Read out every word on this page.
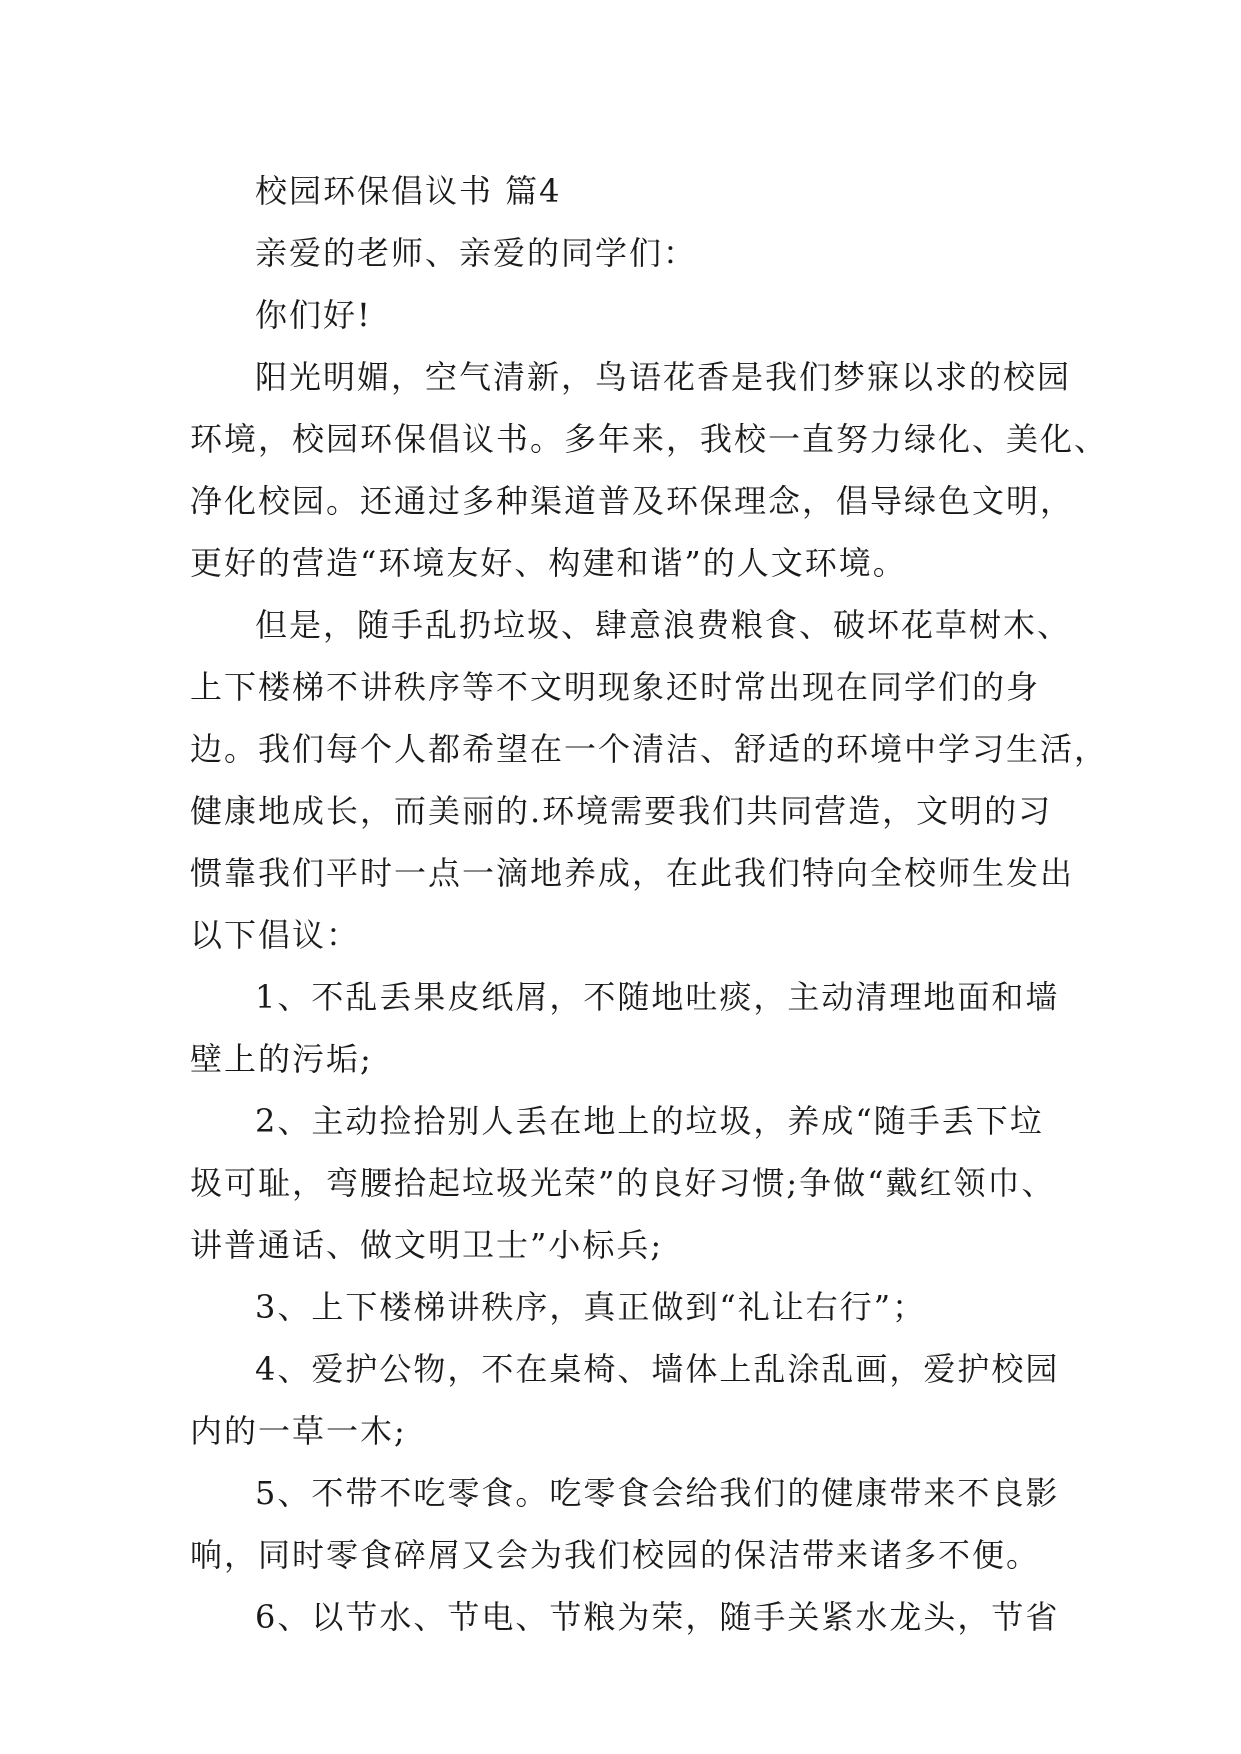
校园环保倡议书 篇4
亲爱的老师、亲爱的同学们：
你们好!
阳光明媚，空气清新，鸟语花香是我们梦寐以求的校园
环境，校园环保倡议书。多年来，我校一直努力绿化、美化、
净化校园。还通过多种渠道普及环保理念，倡导绿色文明，
更好的营造“环境友好、构建和谐”的人文环境。
但是，随手乱扔垃圾、肆意浪费粮食、破坏花草树木、
上下楼梯不讲秩序等不文明现象还时常出现在同学们的身
边。我们每个人都希望在一个清洁、舒适的环境中学习生活，
健康地成长，而美丽的.环境需要我们共同营造，文明的习
惯靠我们平时一点一滴地养成，在此我们特向全校师生发出
以下倡议：
1、不乱丢果皮纸屑，不随地吐痰，主动清理地面和墙
壁上的污垢;
2、主动捡拾别人丢在地上的垃圾，养成“随手丢下垃
圾可耻，弯腰拾起垃圾光荣”的良好习惯;争做“戴红领巾、
讲普通话、做文明卫士”小标兵;
3、上下楼梯讲秩序，真正做到“礼让右行”；
4、爱护公物，不在桌椅、墙体上乱涂乱画，爱护校园
内的一草一木;
5、不带不吃零食。吃零食会给我们的健康带来不良影
响，同时零食碎屑又会为我们校园的保洁带来诸多不便。
6、以节水、节电、节粮为荣，随手关紧水龙头，节省
